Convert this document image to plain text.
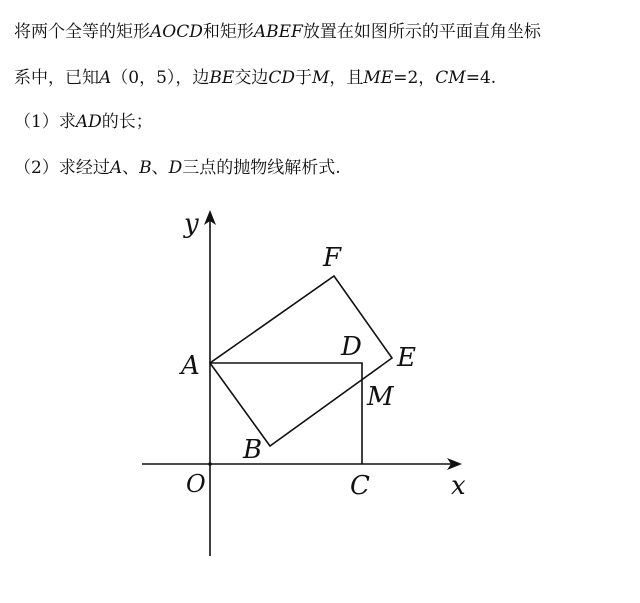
将两个全等的矩形AOCD和矩形ABEF放置在如图所示的平面直角坐标
系中，已知A（0，5），边BE交边CD于M，且ME=2，CM=4.
（1）求AD的长；
（2）求经过A、B、D三点的抛物线解析式.
y
x
O
A
B
C
D E
F
M
